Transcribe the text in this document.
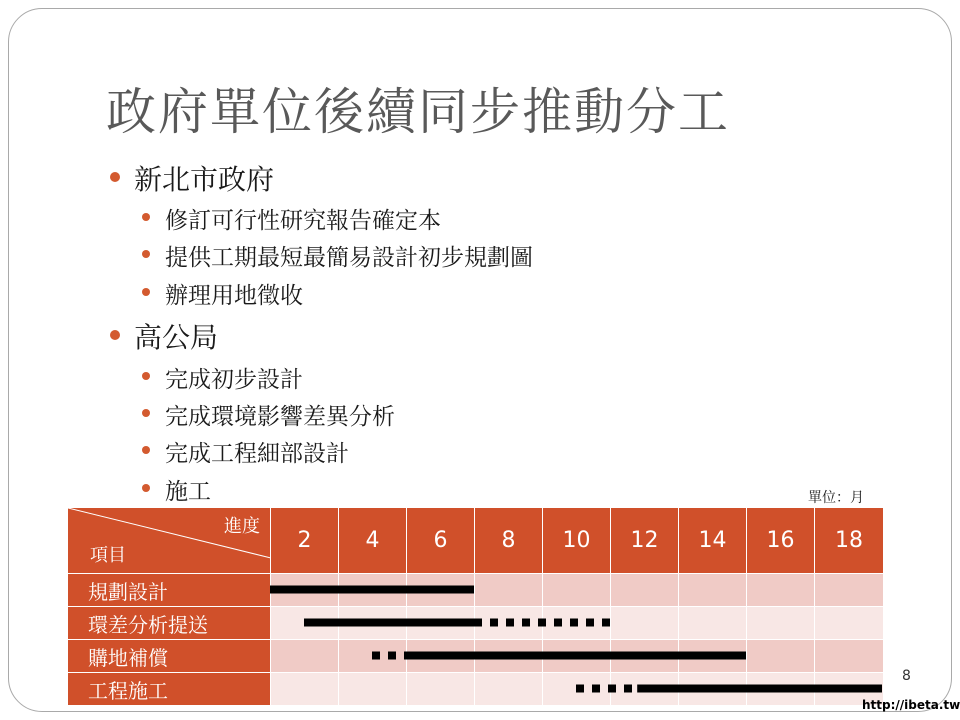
政府單位後續同步推動分工
新北市政府
修訂可行性研究報告確定本
提供工期最短最簡易設計初步規劃圖
辦理用地徵收
高公局
完成初步設計
完成環境影響差異分析
完成工程細部設計
施工	單位：月
進度
項目	2	4	6	8	10	12	14	16	18
規劃設計									
環差分析提送									
購地補償									
工程施工									
8
http://ibeta.tw
